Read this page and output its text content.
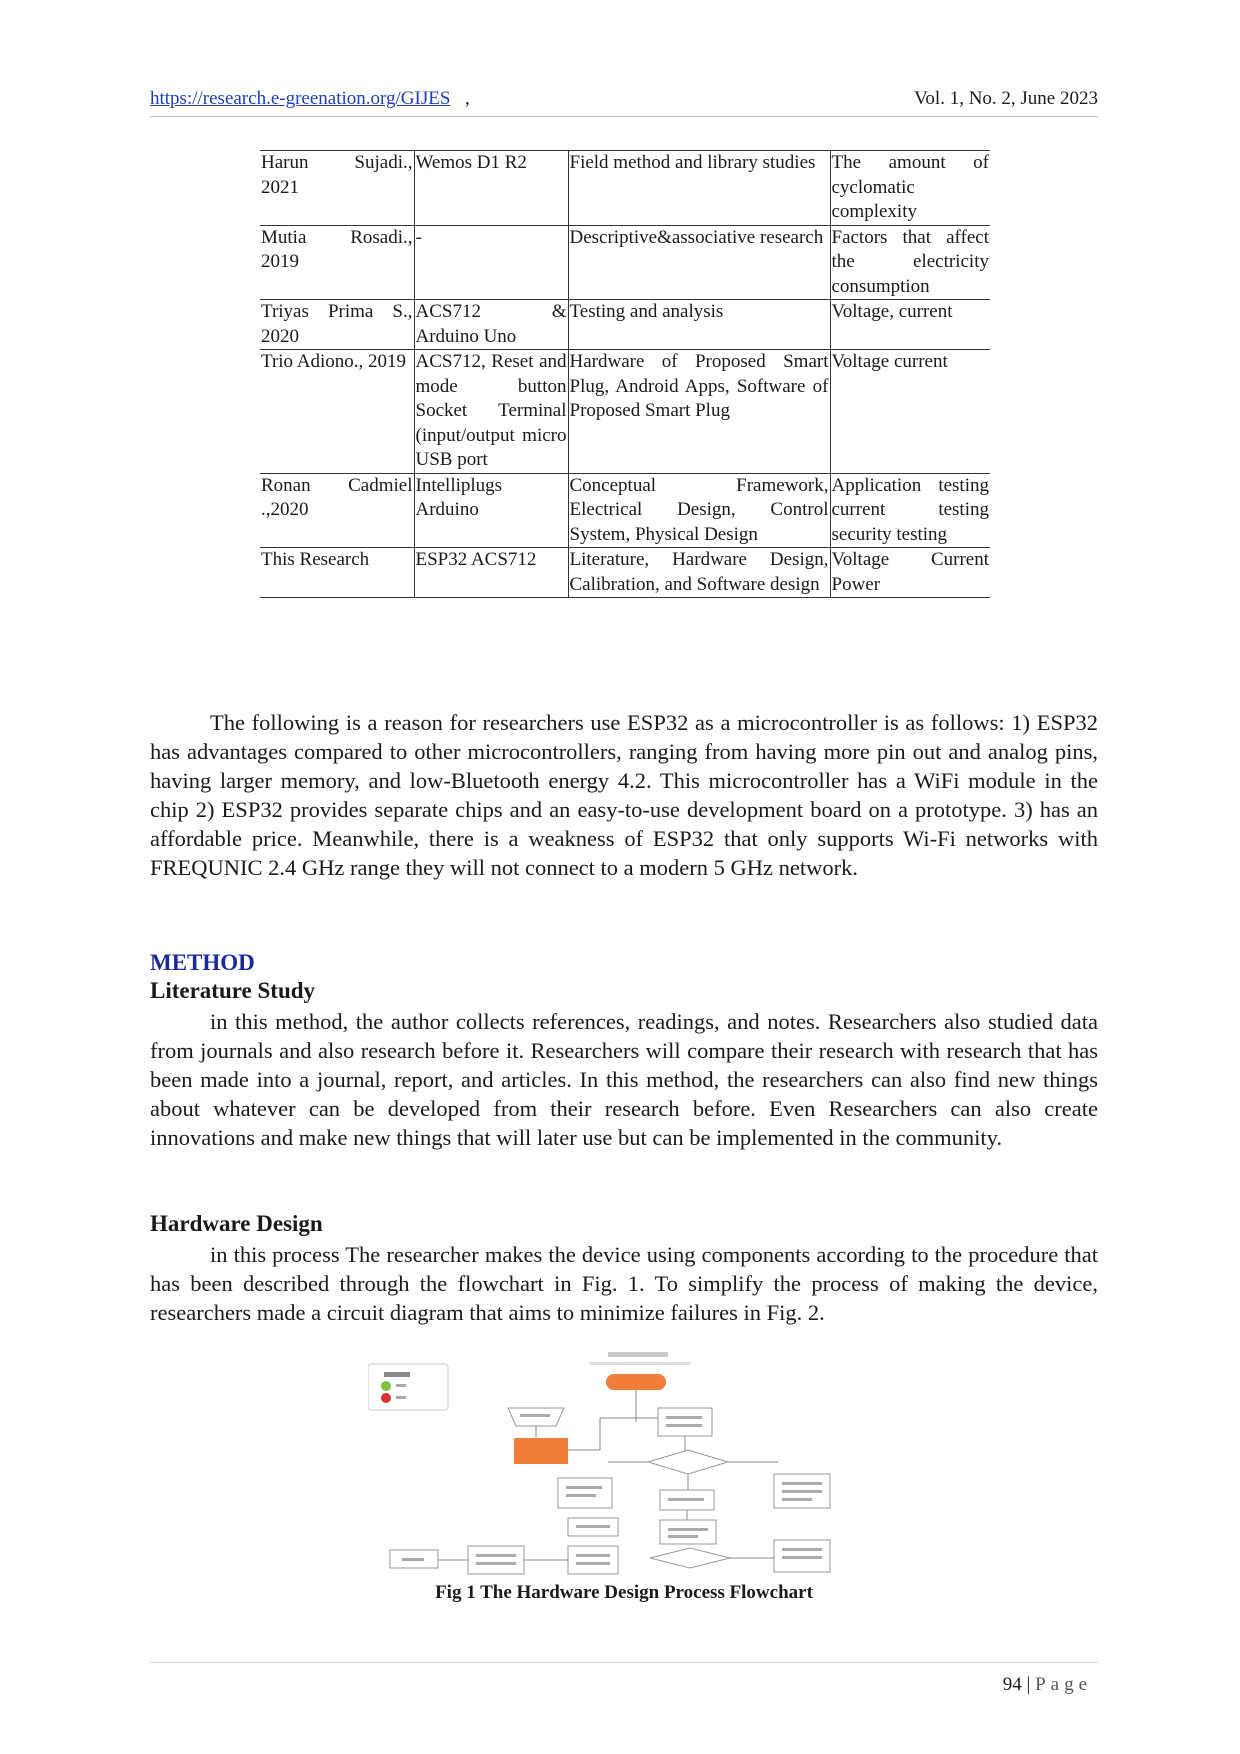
https://research.e-greenation.org/GIJES ,	Vol. 1, No. 2, June 2023
Harun Sujadi., 2021	Wemos D1 R2	Field method and library studies	The amount of cyclomatic complexity
Mutia Rosadi., 2019	-	Descriptive&associative research	Factors that affect the electricity consumption
Triyas Prima S., 2020	ACS712 & Arduino Uno	Testing and analysis	Voltage, current
Trio Adiono., 2019	ACS712, Reset and mode button Socket Terminal (input/output micro USB port	Hardware of Proposed Smart Plug, Android Apps, Software of Proposed Smart Plug	Voltage current
Ronan Cadmiel .,2020	Intelliplugs Arduino	Conceptual Framework, Electrical Design, Control System, Physical Design	Application testing current testing security testing
This Research	ESP32 ACS712	Literature, Hardware Design, Calibration, and Software design	Voltage Current Power

The following is a reason for researchers use ESP32 as a microcontroller is as follows: 1) ESP32 has advantages compared to other microcontrollers, ranging from having more pin out and analog pins, having larger memory, and low-Bluetooth energy 4.2. This microcontroller has a WiFi module in the chip 2) ESP32 provides separate chips and an easy-to-use development board on a prototype. 3) has an affordable price. Meanwhile, there is a weakness of ESP32 that only supports Wi-Fi networks with FREQUNIC 2.4 GHz range they will not connect to a modern 5 GHz network.

METHOD
Literature Study

in this method, the author collects references, readings, and notes. Researchers also studied data from journals and also research before it. Researchers will compare their research with research that has been made into a journal, report, and articles. In this method, the researchers can also find new things about whatever can be developed from their research before. Even Researchers can also create innovations and make new things that will later use but can be implemented in the community.

Hardware Design

in this process The researcher makes the device using components according to the procedure that has been described through the flowchart in Fig. 1. To simplify the process of making the device, researchers made a circuit diagram that aims to minimize failures in Fig. 2.

Fig 1 The Hardware Design Process Flowchart
94 | Page
